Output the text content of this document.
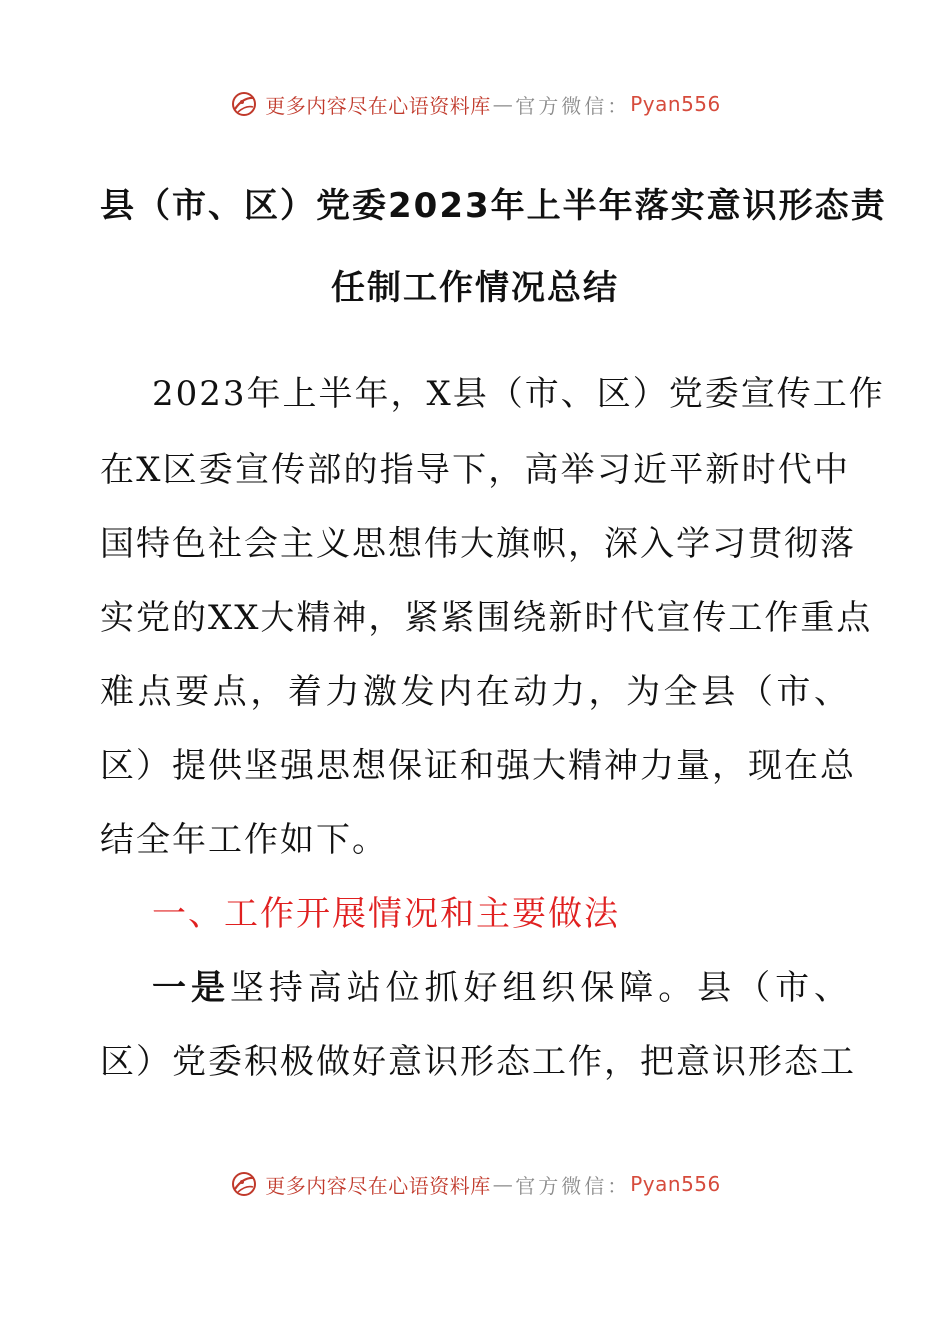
更多内容尽在心语资料库 — 官方微信： Pyan556
县（市、区）党委2023年上半年落实意识形态责
任制工作情况总结
2023年上半年，X县（市、区）党委宣传工作
在X区委宣传部的指导下，高举习近平新时代中
国特色社会主义思想伟大旗帜，深入学习贯彻落
实党的XX大精神，紧紧围绕新时代宣传工作重点
难点要点，着力激发内在动力，为全县（市、
区）提供坚强思想保证和强大精神力量，现在总
结全年工作如下。
一、工作开展情况和主要做法
一是坚持高站位抓好组织保障。县（市、
区）党委积极做好意识形态工作，把意识形态工
更多内容尽在心语资料库 — 官方微信： Pyan556
